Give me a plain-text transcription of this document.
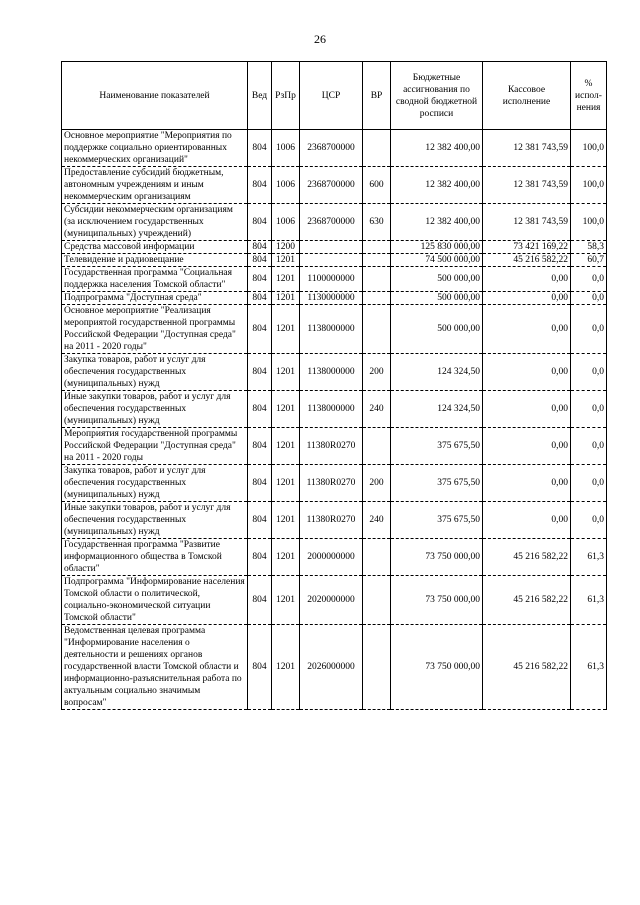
26
Наименование показателей	Вед	РзПр	ЦСР	ВР	Бюджетные ассигнования по сводной бюджетной росписи	Кассовое исполнение	% испол-нения
Основное мероприятие "Мероприятия по поддержке социально ориентированных некоммерческих организаций"	804	1006	2368700000		12 382 400,00	12 381 743,59	100,0
Предоставление субсидий бюджетным, автономным учреждениям и иным некоммерческим организациям	804	1006	2368700000	600	12 382 400,00	12 381 743,59	100,0
Субсидии некоммерческим организациям (за исключением государственных (муниципальных) учреждений)	804	1006	2368700000	630	12 382 400,00	12 381 743,59	100,0
Средства массовой информации	804	1200			125 830 000,00	73 421 169,22	58,3
Телевидение и радиовещание	804	1201			74 500 000,00	45 216 582,22	60,7
Государственная программа "Социальная поддержка населения Томской области"	804	1201	1100000000		500 000,00	0,00	0,0
Подпрограмма "Доступная среда"	804	1201	1130000000		500 000,00	0,00	0,0
Основное мероприятие "Реализация мероприятой государственной программы Российской Федерации "Доступная среда" на 2011 - 2020 годы"	804	1201	1138000000		500 000,00	0,00	0,0
Закупка товаров, работ и услуг для обеспечения государственных (муниципальных) нужд	804	1201	1138000000	200	124 324,50	0,00	0,0
Иные закупки товаров, работ и услуг для обеспечения государственных (муниципальных) нужд	804	1201	1138000000	240	124 324,50	0,00	0,0
Мероприятия государственной программы Российской Федерации "Доступная среда" на 2011 - 2020 годы	804	1201	11380R0270		375 675,50	0,00	0,0
Закупка товаров, работ и услуг для обеспечения государственных (муниципальных) нужд	804	1201	11380R0270	200	375 675,50	0,00	0,0
Иные закупки товаров, работ и услуг для обеспечения государственных (муниципальных) нужд	804	1201	11380R0270	240	375 675,50	0,00	0,0
Государственная программа "Развитие информационного общества в Томской области"	804	1201	2000000000		73 750 000,00	45 216 582,22	61,3
Подпрограмма "Информирование населения Томской области о политической, социально-экономической ситуации Томской области"	804	1201	2020000000		73 750 000,00	45 216 582,22	61,3
Ведомственная целевая программа "Информирование населения о деятельности и решениях органов государственной власти Томской области и информационно-разъяснительная работа по актуальным социально значимым вопросам"	804	1201	2026000000		73 750 000,00	45 216 582,22	61,3
